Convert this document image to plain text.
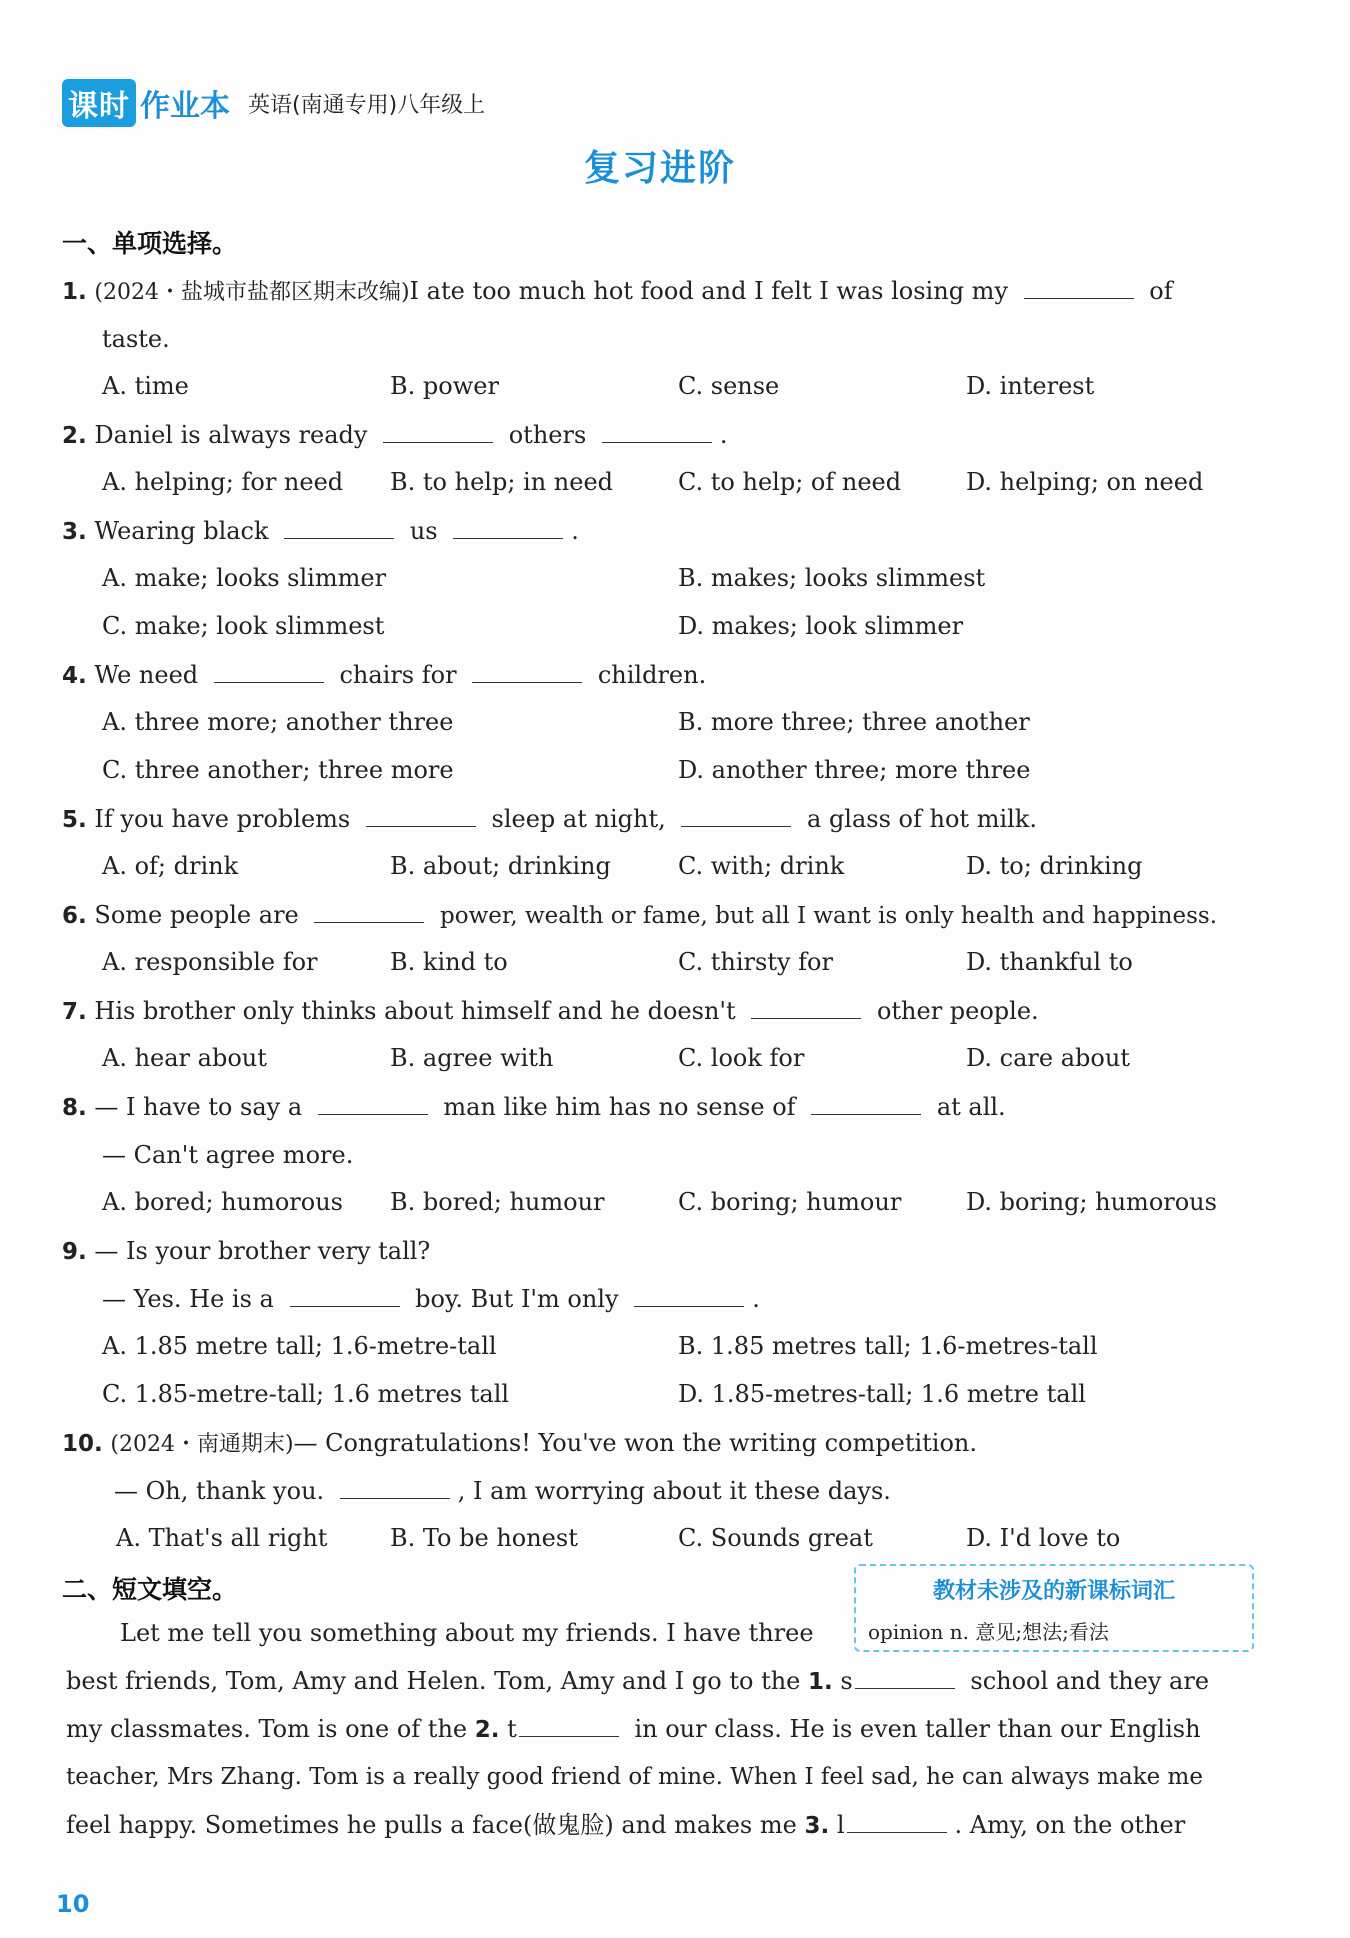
课时 作业本 英语(南通专用)八年级上
复习进阶
一、单项选择。
1. (2024・盐城市盐都区期末改编)I ate too much hot food and I felt I was losing my	of
taste.
A. time	B. power	C. sense	D. interest
2. Daniel is always ready	others	.
A. helping; for need B. to help; in need	C. to help; of need	D. helping; on need
3. Wearing black	us	.
A. make; looks slimmer	B. makes; looks slimmest
C. make; look slimmest	D. makes; look slimmer
4. We need	chairs for	children.
A. three more; another three	B. more three; three another
C. three another; three more	D. another three; more three
5. If you have problems	sleep at night,	a glass of hot milk.
A. of; drink	B. about; drinking	C. with; drink	D. to; drinking
6. Some people are	power, wealth or fame, but all I want is only health and happiness.
A. responsible for	B. kind to	C. thirsty for	D. thankful to
7. His brother only thinks about himself and he doesn't	other people.
A. hear about	B. agree with	C. look for	D. care about
8. — I have to say a	man like him has no sense of	at all.
— Can't agree more.
A. bored; humorous B. bored; humour	C. boring; humour	D. boring; humorous
9. — Is your brother very tall?
— Yes. He is a	boy. But I'm only	.
A. 1.85 metre tall; 1.6-metre-tall	B. 1.85 metres tall; 1.6-metres-tall
C. 1.85-metre-tall; 1.6 metres tall	D. 1.85-metres-tall; 1.6 metre tall
10. (2024・南通期末)— Congratulations! You've won the writing competition.
— Oh, thank you.	, I am worrying about it these days.
A. That's all right	B. To be honest	C. Sounds great	D. I'd love to
二、短文填空。	教材未涉及的新课标词汇
opinion n. 意见;想法;看法
Let me tell you something about my friends. I have three
best friends, Tom, Amy and Helen. Tom, Amy and I go to the 1. s	school and they are
my classmates. Tom is one of the 2. t	in our class. He is even taller than our English
teacher, Mrs Zhang. Tom is a really good friend of mine. When I feel sad, he can always make me
feel happy. Sometimes he pulls a face(做鬼脸) and makes me 3. l	. Amy, on the other
10
